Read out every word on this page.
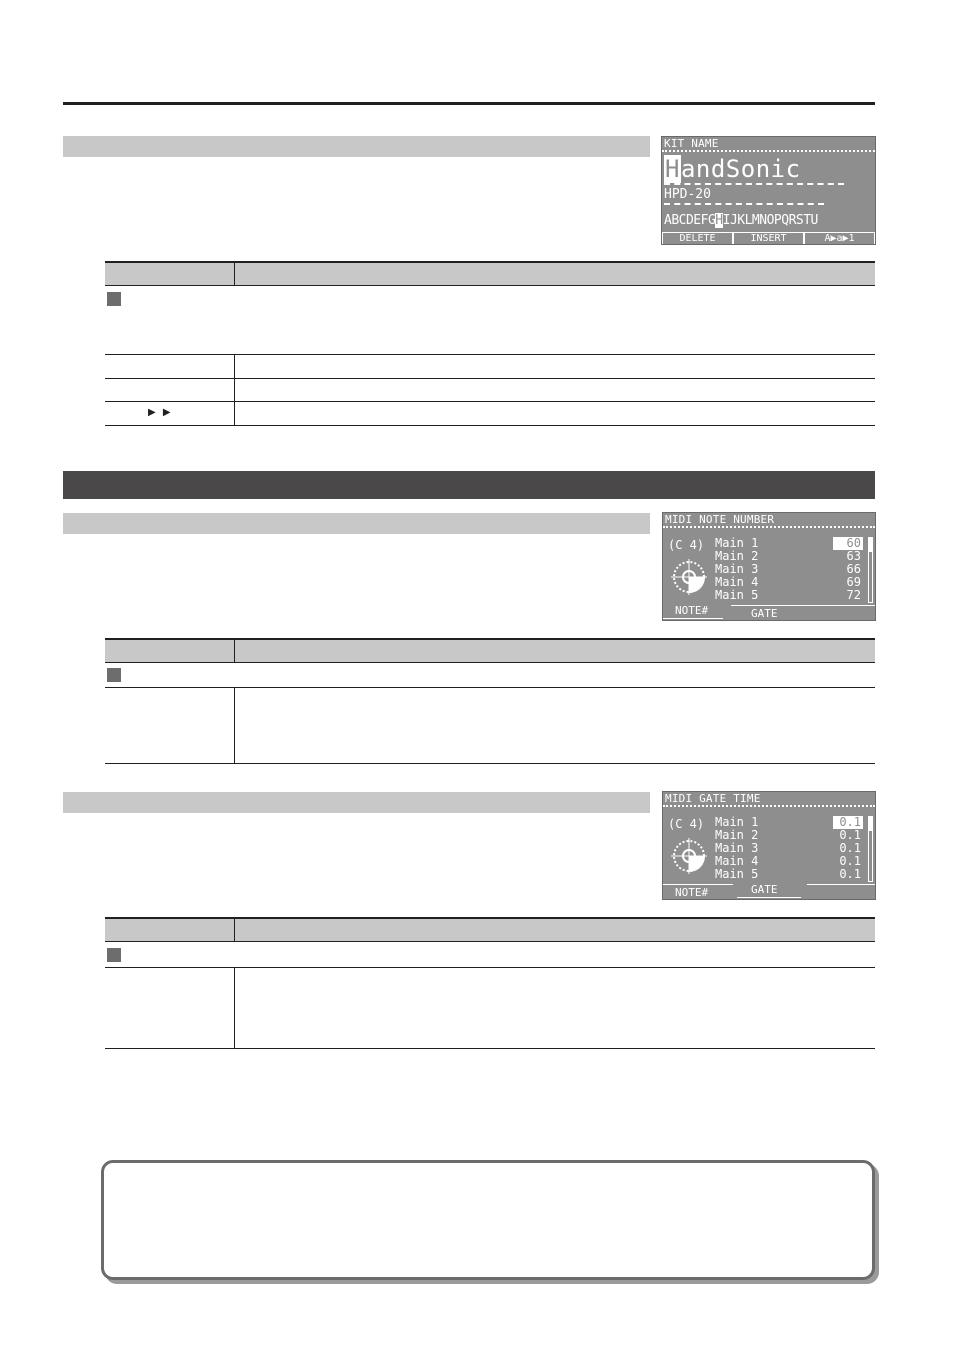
KIT NAME
HandSonic
HPD-20
ABCDEFGHIJKLMNOPQRSTU
DELETE	INSERT	A▶a▶1
▶ ▶
MIDI NOTE NUMBER
(C 4) Main 1	60
Main 2	63
Main 3	66
Main 4	69
Main 5	72
NOTE#	GATE
MIDI GATE TIME
(C 4) Main 1	0.1
Main 2	0.1
Main 3	0.1
Main 4	0.1
Main 5	0.1
NOTE#	GATE
